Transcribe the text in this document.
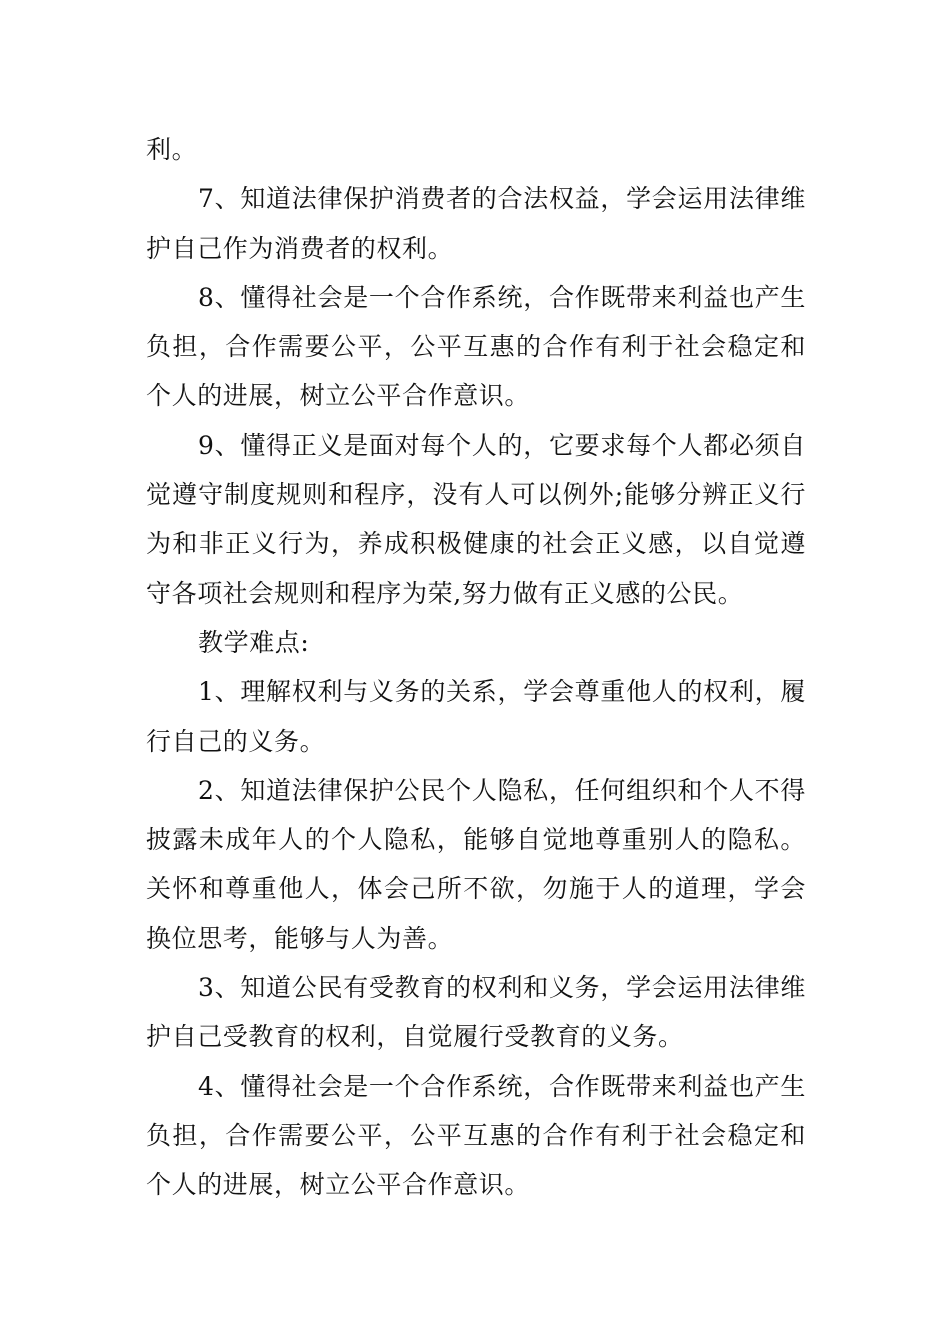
利。

7、知道法律保护消费者的合法权益，学会运用法律维护自己作为消费者的权利。

8、懂得社会是一个合作系统，合作既带来利益也产生负担，合作需要公平，公平互惠的合作有利于社会稳定和个人的进展，树立公平合作意识。

9、懂得正义是面对每个人的，它要求每个人都必须自觉遵守制度规则和程序，没有人可以例外;能够分辨正义行为和非正义行为，养成积极健康的社会正义感，以自觉遵守各项社会规则和程序为荣,努力做有正义感的公民。

教学难点:

1、理解权利与义务的关系，学会尊重他人的权利，履行自己的义务。

2、知道法律保护公民个人隐私，任何组织和个人不得披露未成年人的个人隐私，能够自觉地尊重别人的隐私。关怀和尊重他人，体会己所不欲，勿施于人的道理，学会换位思考，能够与人为善。

3、知道公民有受教育的权利和义务，学会运用法律维护自己受教育的权利，自觉履行受教育的义务。

4、懂得社会是一个合作系统，合作既带来利益也产生负担，合作需要公平，公平互惠的合作有利于社会稳定和个人的进展，树立公平合作意识。
